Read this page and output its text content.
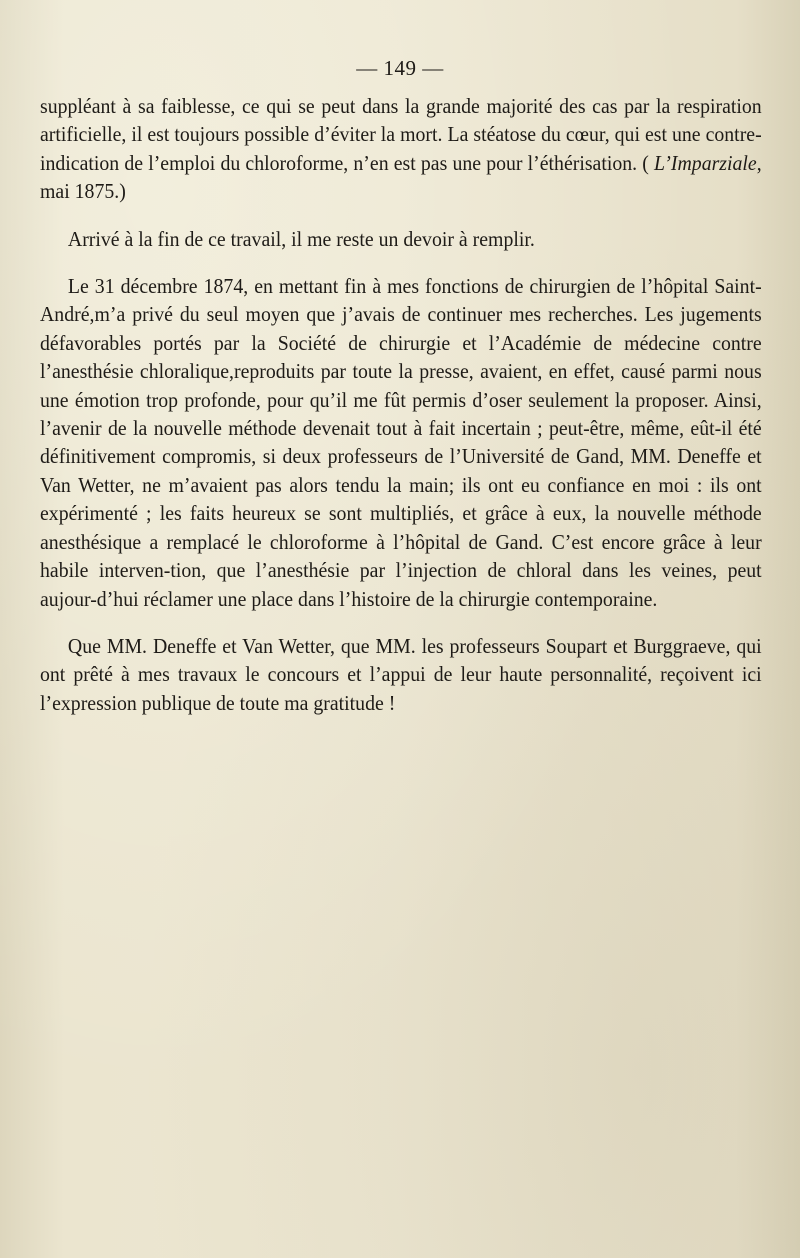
— 149 —

suppléant à sa faiblesse, ce qui se peut dans la grande majorité des cas par la respiration artificielle, il est toujours possible d’éviter la mort. La stéatose du cœur, qui est une contre-indication de l’emploi du chloroforme, n’en est pas une pour l’éthérisation. ( L’Imparziale, mai 1875.)

Arrivé à la fin de ce travail, il me reste un devoir à remplir.

Le 31 décembre 1874, en mettant fin à mes fonctions de chirurgien de l’hôpital Saint-André,m’a privé du seul moyen que j’avais de continuer mes recherches. Les jugements défavorables portés par la Société de chirurgie et l’Académie de médecine contre l’anesthésie chloralique,reproduits par toute la presse, avaient, en effet, causé parmi nous une émotion trop profonde, pour qu’il me fût permis d’oser seulement la proposer. Ainsi, l’avenir de la nouvelle méthode devenait tout à fait incertain ; peut-être, même, eût-il été définitivement compromis, si deux professeurs de l’Université de Gand, MM. Deneffe et Van Wetter, ne m’avaient pas alors tendu la main; ils ont eu confiance en moi : ils ont expérimenté ; les faits heureux se sont multipliés, et grâce à eux, la nouvelle méthode anesthésique a remplacé le chloroforme à l’hôpital de Gand. C’est encore grâce à leur habile interven-tion, que l’anesthésie par l’injection de chloral dans les veines, peut aujour-d’hui réclamer une place dans l’histoire de la chirurgie contemporaine.

Que MM. Deneffe et Van Wetter, que MM. les professeurs Soupart et Burggraeve, qui ont prêté à mes travaux le concours et l’appui de leur haute personnalité, reçoivent ici l’expression publique de toute ma gratitude !
